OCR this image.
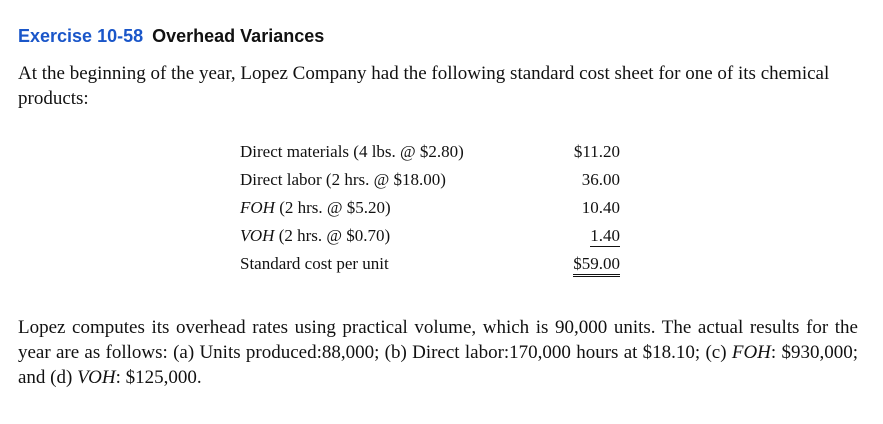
Exercise 10-58 Overhead Variances
At the beginning of the year, Lopez Company had the following standard cost sheet for one of its chemical products:
Direct materials (4 lbs. @ $2.80)	$11.20
Direct labor (2 hrs. @ $18.00)	36.00
FOH (2 hrs. @ $5.20)	10.40
VOH (2 hrs. @ $0.70)	1.40
Standard cost per unit	$59.00
Lopez computes its overhead rates using practical volume, which is 90,000 units. The actual results for the year are as follows: (a) Units produced:88,000; (b) Direct labor:170,000 hours at $18.10; (c) FOH: $930,000; and (d) VOH: $125,000.
